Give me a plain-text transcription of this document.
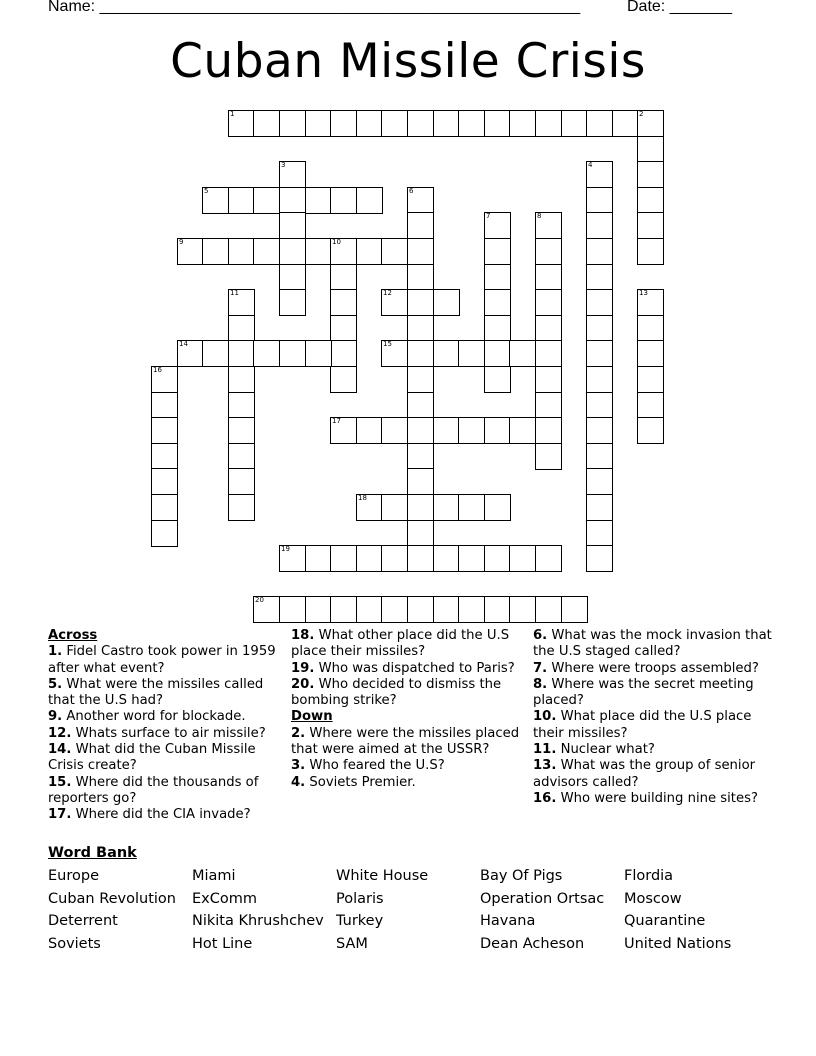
Name: ______________________________________________________	Date: _______
Cuban Missile Crisis
1	2
3	4
5	6
7	8
9	10
11	12	13
14	15
16
17
18
19
20

Across

1. Fidel Castro took power in 1959 after what event?

5. What were the missiles called that the U.S had?

9. Another word for blockade.

12. Whats surface to air missile?

14. What did the Cuban Missile Crisis create?

15. Where did the thousands of reporters go?

17. Where did the CIA invade?

18. What other place did the U.S place their missiles?

19. Who was dispatched to Paris?

20. Who decided to dismiss the bombing strike?

Down

2. Where were the missiles placed that were aimed at the USSR?

3. Who feared the U.S?

4. Soviets Premier.

6. What was the mock invasion that the U.S staged called?

7. Where were troops assembled?

8. Where was the secret meeting placed?

10. What place did the U.S place their missiles?

11. Nuclear what?

13. What was the group of senior advisors called?

16. Who were building nine sites?

Word Bank
Europe
Cuban Revolution
Deterrent
Soviets
Miami
ExComm
Nikita Khrushchev
Hot Line
White House
Polaris
Turkey
SAM
Bay Of Pigs
Operation Ortsac
Havana
Dean Acheson
Flordia
Moscow
Quarantine
United Nations
